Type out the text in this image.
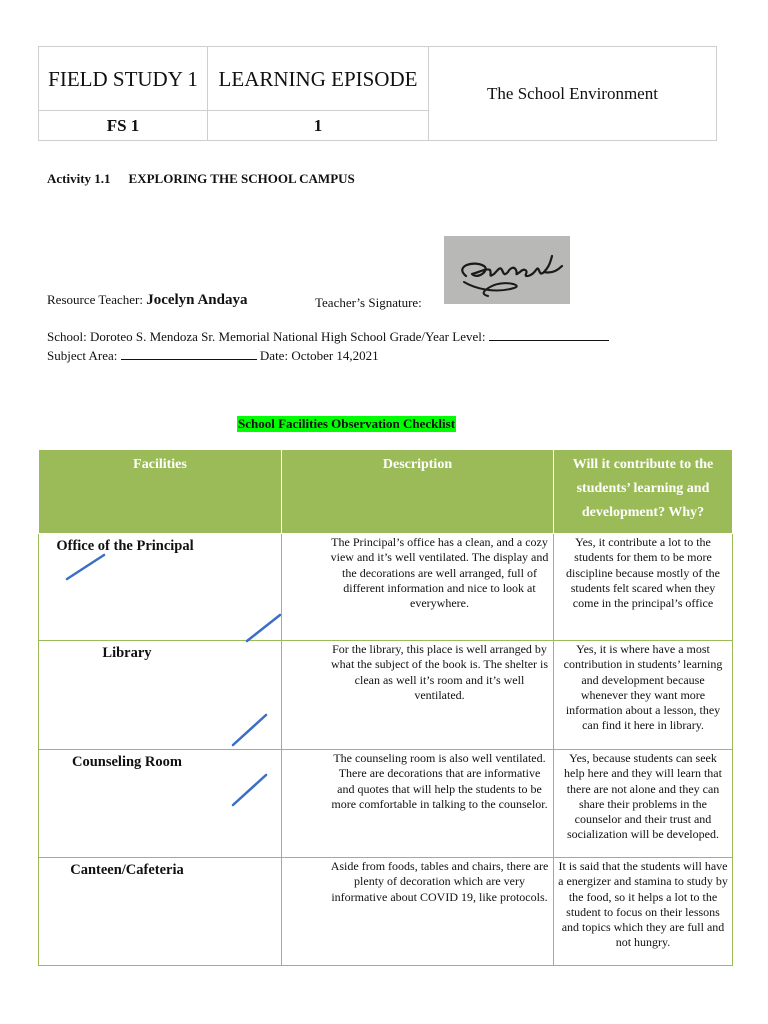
FIELD STUDY 1	LEARNING EPISODE	The School Environment
FS 1	1	
Activity 1.1 EXPLORING THE SCHOOL CAMPUS
Resource Teacher: Jocelyn Andaya	Teacher’s Signature:
School: Doroteo S. Mendoza Sr. Memorial National High School Grade/Year Level:
Subject Area:	Date: October 14,2021
School Facilities Observation Checklist
Facilities	Description	Will it contribute to the students’ learning and development? Why?
Office of the Principal	The Principal’s office has a clean, and a cozy view and it’s well ventilated. The display and the decorations are well arranged, full of different information and nice to look at everywhere.	Yes, it contribute a lot to the students for them to be more discipline because mostly of the students felt scared when they come in the principal’s office
Library	For the library, this place is well arranged by what the subject of the book is. The shelter is clean as well it’s room and it’s well ventilated.	Yes, it is where have a most contribution in students’ learning and development because whenever they want more information about a lesson, they can find it here in library.
Counseling Room	The counseling room is also well ventilated. There are decorations that are informative and quotes that will help the students to be more comfortable in talking to the counselor.	Yes, because students can seek help here and they will learn that there are not alone and they can share their problems in the counselor and their trust and socialization will be developed.
Canteen/Cafeteria	Aside from foods, tables and chairs, there are plenty of decoration which are very informative about COVID 19, like protocols.	It is said that the students will have a energizer and stamina to study by the food, so it helps a lot to the student to focus on their lessons and topics which they are full and not hungry.
